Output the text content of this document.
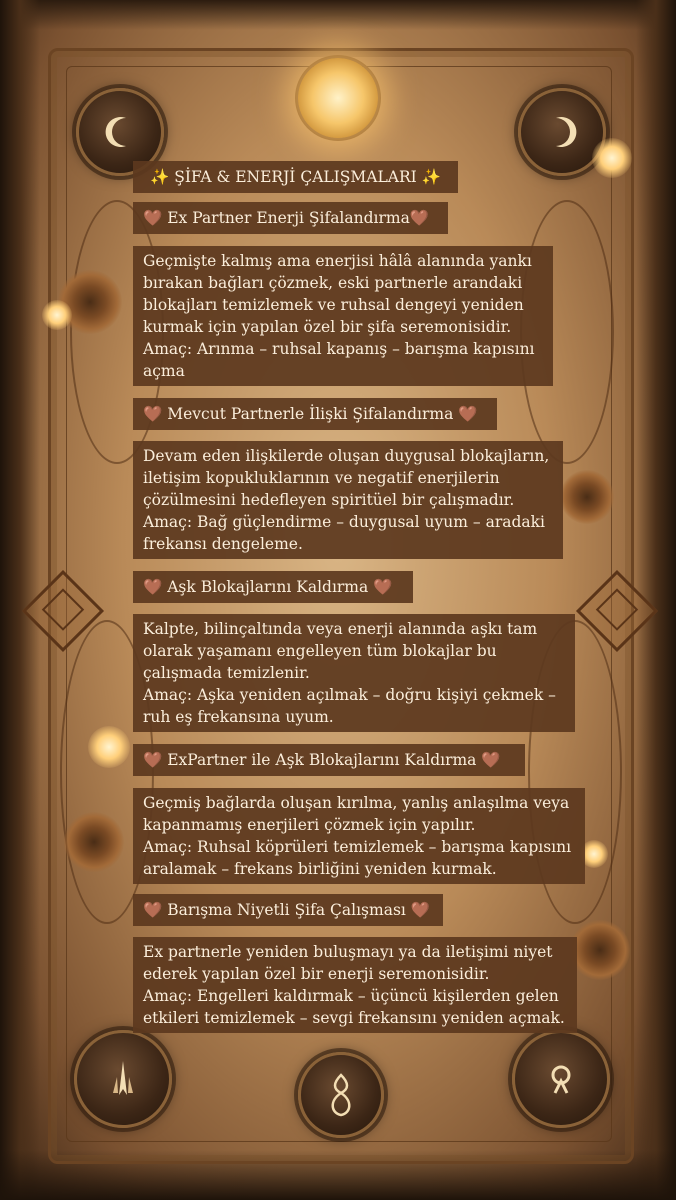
✨ ŞİFA & ENERJİ ÇALIŞMALARI ✨
🤎 Ex Partner Enerji Şifalandırma🤎
Geçmişte kalmış ama enerjisi hâlâ alanında yankı
bırakan bağları çözmek, eski partnerle arandaki
blokajları temizlemek ve ruhsal dengeyi yeniden
kurmak için yapılan özel bir şifa seremonisidir.
Amaç: Arınma – ruhsal kapanış – barışma kapısını
açma
🤎 Mevcut Partnerle İlişki Şifalandırma 🤎
Devam eden ilişkilerde oluşan duygusal blokajların,
iletişim kopukluklarının ve negatif enerjilerin
çözülmesini hedefleyen spiritüel bir çalışmadır.
Amaç: Bağ güçlendirme – duygusal uyum – aradaki
frekansı dengeleme.
🤎 Aşk Blokajlarını Kaldırma 🤎
Kalpte, bilinçaltında veya enerji alanında aşkı tam
olarak yaşamanı engelleyen tüm blokajlar bu
çalışmada temizlenir.
Amaç: Aşka yeniden açılmak – doğru kişiyi çekmek –
ruh eş frekansına uyum.
🤎 ExPartner ile Aşk Blokajlarını Kaldırma 🤎
Geçmiş bağlarda oluşan kırılma, yanlış anlaşılma veya
kapanmamış enerjileri çözmek için yapılır.
Amaç: Ruhsal köprüleri temizlemek – barışma kapısını
aralamak – frekans birliğini yeniden kurmak.
🤎 Barışma Niyetli Şifa Çalışması 🤎
Ex partnerle yeniden buluşmayı ya da iletişimi niyet
ederek yapılan özel bir enerji seremonisidir.
Amaç: Engelleri kaldırmak – üçüncü kişilerden gelen
etkileri temizlemek – sevgi frekansını yeniden açmak.
